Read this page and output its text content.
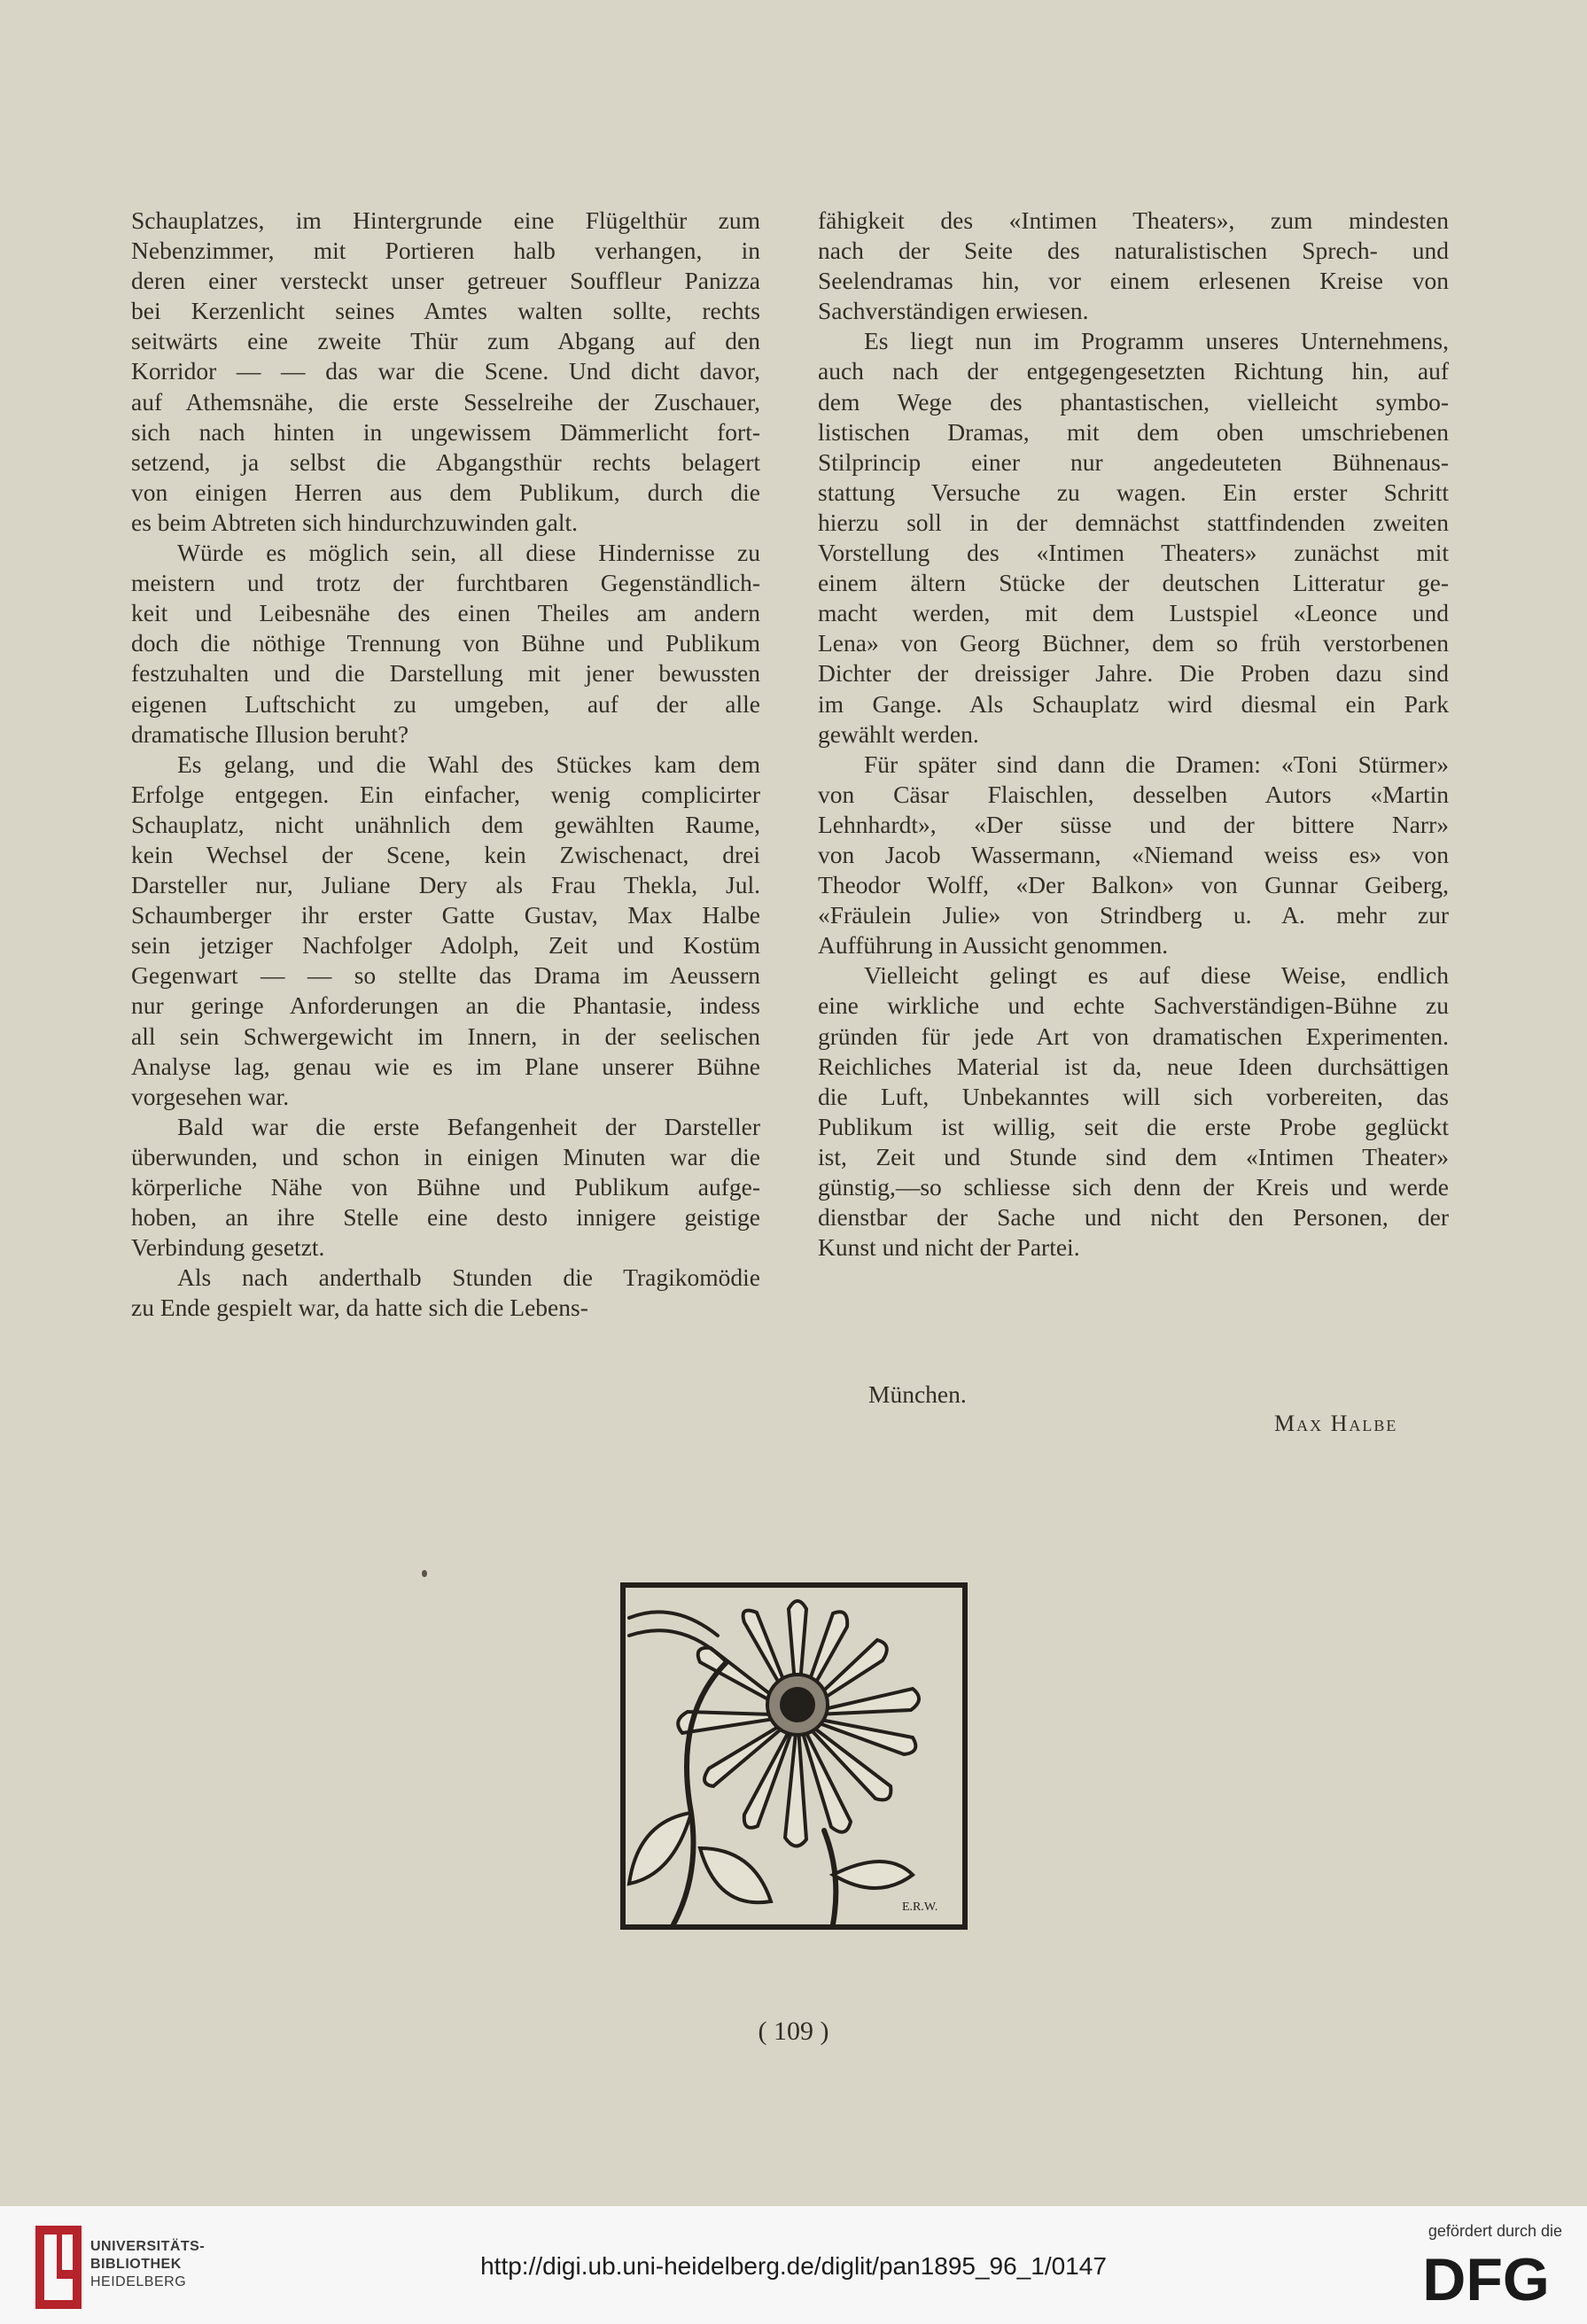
Schauplatzes, im Hintergrunde eine Flügelthür zum
Nebenzimmer, mit Portieren halb verhangen, in
deren einer versteckt unser getreuer Souffleur Panizza
bei Kerzenlicht seines Amtes walten sollte, rechts
seitwärts eine zweite Thür zum Abgang auf den
Korridor — — das war die Scene. Und dicht davor,
auf Athemsnähe, die erste Sesselreihe der Zuschauer,
sich nach hinten in ungewissem Dämmerlicht fort-
setzend, ja selbst die Abgangsthür rechts belagert
von einigen Herren aus dem Publikum, durch die
es beim Abtreten sich hindurchzuwinden galt.

Würde es möglich sein, all diese Hindernisse zu
meistern und trotz der furchtbaren Gegenständlich-
keit und Leibesnähe des einen Theiles am andern
doch die nöthige Trennung von Bühne und Publikum
festzuhalten und die Darstellung mit jener bewussten
eigenen Luftschicht zu umgeben, auf der alle
dramatische Illusion beruht?

Es gelang, und die Wahl des Stückes kam dem
Erfolge entgegen. Ein einfacher, wenig complicirter
Schauplatz, nicht unähnlich dem gewählten Raume,
kein Wechsel der Scene, kein Zwischenact, drei
Darsteller nur, Juliane Dery als Frau Thekla, Jul.
Schaumberger ihr erster Gatte Gustav, Max Halbe
sein jetziger Nachfolger Adolph, Zeit und Kostüm
Gegenwart — — so stellte das Drama im Aeussern
nur geringe Anforderungen an die Phantasie, indess
all sein Schwergewicht im Innern, in der seelischen
Analyse lag, genau wie es im Plane unserer Bühne
vorgesehen war.

Bald war die erste Befangenheit der Darsteller
überwunden, und schon in einigen Minuten war die
körperliche Nähe von Bühne und Publikum aufge-
hoben, an ihre Stelle eine desto innigere geistige
Verbindung gesetzt.

Als nach anderthalb Stunden die Tragikomödie
zu Ende gespielt war, da hatte sich die Lebens-

fähigkeit des «Intimen Theaters», zum mindesten
nach der Seite des naturalistischen Sprech- und
Seelendramas hin, vor einem erlesenen Kreise von
Sachverständigen erwiesen.

Es liegt nun im Programm unseres Unternehmens,
auch nach der entgegengesetzten Richtung hin, auf
dem Wege des phantastischen, vielleicht symbo-
listischen Dramas, mit dem oben umschriebenen
Stilprincip einer nur angedeuteten Bühnenaus-
stattung Versuche zu wagen. Ein erster Schritt
hierzu soll in der demnächst stattfindenden zweiten
Vorstellung des «Intimen Theaters» zunächst mit
einem ältern Stücke der deutschen Litteratur ge-
macht werden, mit dem Lustspiel «Leonce und
Lena» von Georg Büchner, dem so früh verstorbenen
Dichter der dreissiger Jahre. Die Proben dazu sind
im Gange. Als Schauplatz wird diesmal ein Park
gewählt werden.

Für später sind dann die Dramen: «Toni Stürmer»
von Cäsar Flaischlen, desselben Autors «Martin
Lehnhardt», «Der süsse und der bittere Narr»
von Jacob Wassermann, «Niemand weiss es» von
Theodor Wolff, «Der Balkon» von Gunnar Geiberg,
«Fräulein Julie» von Strindberg u. A. mehr zur
Aufführung in Aussicht genommen.

Vielleicht gelingt es auf diese Weise, endlich
eine wirkliche und echte Sachverständigen-Bühne zu
gründen für jede Art von dramatischen Experimenten.
Reichliches Material ist da, neue Ideen durchsättigen
die Luft, Unbekanntes will sich vorbereiten, das
Publikum ist willig, seit die erste Probe geglückt
ist, Zeit und Stunde sind dem «Intimen Theater»
günstig,—so schliesse sich denn der Kreis und werde
dienstbar der Sache und nicht den Personen, der
Kunst und nicht der Partei.

München.
Max Halbe
E.R.W.
( 109 )
UNIVERSITÄTS-
BIBLIOTHEK
HEIDELBERG
http://digi.ub.uni-heidelberg.de/diglit/pan1895_96_1/0147
gefördert durch die
DFG
